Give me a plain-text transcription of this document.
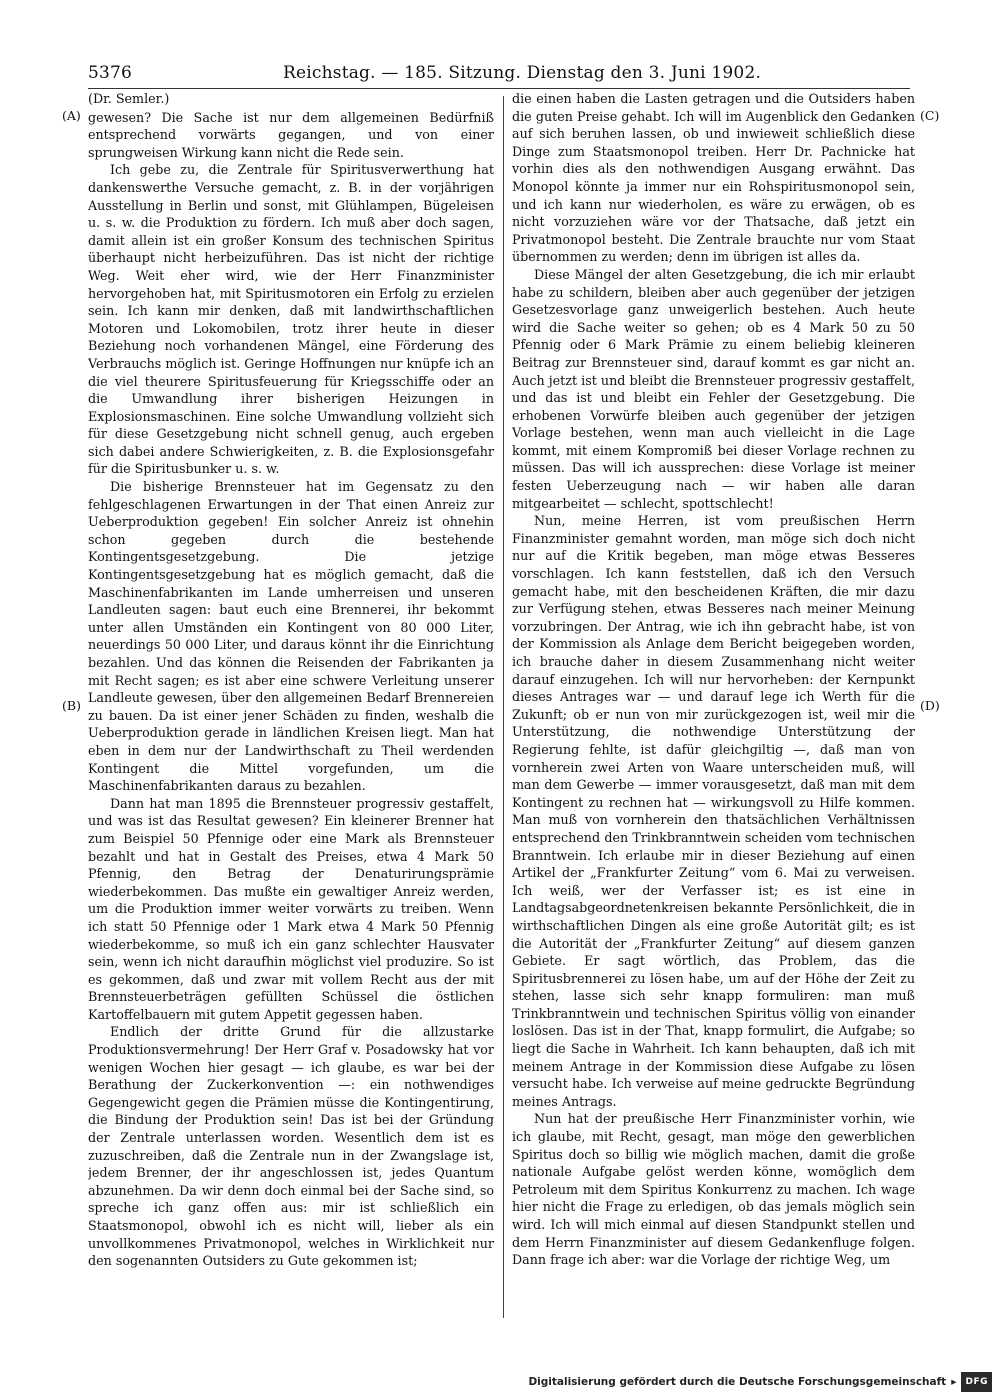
5376	Reichstag. — 185. Sitzung. Dienstag den 3. Juni 1902.
(A)
(B)
(C)
(D)
(Dr. Semler.)

gewesen? Die Sache ist nur dem allgemeinen Bedürfniß entsprechend vorwärts gegangen, und von einer sprungweisen Wirkung kann nicht die Rede sein.

Ich gebe zu, die Zentrale für Spiritusverwerthung hat dankenswerthe Versuche gemacht, z. B. in der vorjährigen Ausstellung in Berlin und sonst, mit Glühlampen, Bügeleisen u. s. w. die Produktion zu fördern. Ich muß aber doch sagen, damit allein ist ein großer Konsum des technischen Spiritus überhaupt nicht herbeizuführen. Das ist nicht der richtige Weg. Weit eher wird, wie der Herr Finanzminister hervorgehoben hat, mit Spiritusmotoren ein Erfolg zu erzielen sein. Ich kann mir denken, daß mit landwirthschaftlichen Motoren und Lokomobilen, trotz ihrer heute in dieser Beziehung noch vorhandenen Mängel, eine Förderung des Verbrauchs möglich ist. Geringe Hoffnungen nur knüpfe ich an die viel theurere Spiritusfeuerung für Kriegsschiffe oder an die Umwandlung ihrer bisherigen Heizungen in Explosionsmaschinen. Eine solche Umwandlung vollzieht sich für diese Gesetzgebung nicht schnell genug, auch ergeben sich dabei andere Schwierigkeiten, z. B. die Explosionsgefahr für die Spiritusbunker u. s. w.

Die bisherige Brennsteuer hat im Gegensatz zu den fehlgeschlagenen Erwartungen in der That einen Anreiz zur Ueberproduktion gegeben! Ein solcher Anreiz ist ohnehin schon gegeben durch die bestehende Kontingentsgesetzgebung. Die jetzige Kontingentsgesetzgebung hat es möglich gemacht, daß die Maschinenfabrikanten im Lande umherreisen und unseren Landleuten sagen: baut euch eine Brennerei, ihr bekommt unter allen Umständen ein Kontingent von 80 000 Liter, neuerdings 50 000 Liter, und daraus könnt ihr die Einrichtung bezahlen. Und das können die Reisenden der Fabrikanten ja mit Recht sagen; es ist aber eine schwere Verleitung unserer Landleute gewesen, über den allgemeinen Bedarf Brennereien zu bauen. Da ist einer jener Schäden zu finden, weshalb die Ueberproduktion gerade in ländlichen Kreisen liegt. Man hat eben in dem nur der Landwirthschaft zu Theil werdenden Kontingent die Mittel vorgefunden, um die Maschinenfabrikanten daraus zu bezahlen.

Dann hat man 1895 die Brennsteuer progressiv gestaffelt, und was ist das Resultat gewesen? Ein kleinerer Brenner hat zum Beispiel 50 Pfennige oder eine Mark als Brennsteuer bezahlt und hat in Gestalt des Preises, etwa 4 Mark 50 Pfennig, den Betrag der Denaturirungsprämie wiederbekommen. Das mußte ein gewaltiger Anreiz werden, um die Produktion immer weiter vorwärts zu treiben. Wenn ich statt 50 Pfennige oder 1 Mark etwa 4 Mark 50 Pfennig wiederbekomme, so muß ich ein ganz schlechter Hausvater sein, wenn ich nicht daraufhin möglichst viel produzire. So ist es gekommen, daß und zwar mit vollem Recht aus der mit Brennsteuerbeträgen gefüllten Schüssel die östlichen Kartoffelbauern mit gutem Appetit gegessen haben.

Endlich der dritte Grund für die allzustarke Produktionsvermehrung! Der Herr Graf v. Posadowsky hat vor wenigen Wochen hier gesagt — ich glaube, es war bei der Berathung der Zuckerkonvention —: ein nothwendiges Gegengewicht gegen die Prämien müsse die Kontingentirung, die Bindung der Produktion sein! Das ist bei der Gründung der Zentrale unterlassen worden. Wesentlich dem ist es zuzuschreiben, daß die Zentrale nun in der Zwangslage ist, jedem Brenner, der ihr angeschlossen ist, jedes Quantum abzunehmen. Da wir denn doch einmal bei der Sache sind, so spreche ich ganz offen aus: mir ist schließlich ein Staatsmonopol, obwohl ich es nicht will, lieber als ein unvollkommenes Privatmonopol, welches in Wirklichkeit nur den sogenannten Outsiders zu Gute gekommen ist;

die einen haben die Lasten getragen und die Outsiders haben die guten Preise gehabt. Ich will im Augenblick den Gedanken auf sich beruhen lassen, ob und inwieweit schließlich diese Dinge zum Staatsmonopol treiben. Herr Dr. Pachnicke hat vorhin dies als den nothwendigen Ausgang erwähnt. Das Monopol könnte ja immer nur ein Rohspiritusmonopol sein, und ich kann nur wiederholen, es wäre zu erwägen, ob es nicht vorzuziehen wäre vor der Thatsache, daß jetzt ein Privatmonopol besteht. Die Zentrale brauchte nur vom Staat übernommen zu werden; denn im übrigen ist alles da.

Diese Mängel der alten Gesetzgebung, die ich mir erlaubt habe zu schildern, bleiben aber auch gegenüber der jetzigen Gesetzesvorlage ganz unweigerlich bestehen. Auch heute wird die Sache weiter so gehen; ob es 4 Mark 50 zu 50 Pfennig oder 6 Mark Prämie zu einem beliebig kleineren Beitrag zur Brennsteuer sind, darauf kommt es gar nicht an. Auch jetzt ist und bleibt die Brennsteuer progressiv gestaffelt, und das ist und bleibt ein Fehler der Gesetzgebung. Die erhobenen Vorwürfe bleiben auch gegenüber der jetzigen Vorlage bestehen, wenn man auch vielleicht in die Lage kommt, mit einem Kompromiß bei dieser Vorlage rechnen zu müssen. Das will ich aussprechen: diese Vorlage ist meiner festen Ueberzeugung nach — wir haben alle daran mitgearbeitet — schlecht, spottschlecht!

Nun, meine Herren, ist vom preußischen Herrn Finanzminister gemahnt worden, man möge sich doch nicht nur auf die Kritik begeben, man möge etwas Besseres vorschlagen. Ich kann feststellen, daß ich den Versuch gemacht habe, mit den bescheidenen Kräften, die mir dazu zur Verfügung stehen, etwas Besseres nach meiner Meinung vorzubringen. Der Antrag, wie ich ihn gebracht habe, ist von der Kommission als Anlage dem Bericht beigegeben worden, ich brauche daher in diesem Zusammenhang nicht weiter darauf einzugehen. Ich will nur hervorheben: der Kernpunkt dieses Antrages war — und darauf lege ich Werth für die Zukunft; ob er nun von mir zurückgezogen ist, weil mir die Unterstützung, die nothwendige Unterstützung der Regierung fehlte, ist dafür gleichgiltig —, daß man von vornherein zwei Arten von Waare unterscheiden muß, will man dem Gewerbe — immer vorausgesetzt, daß man mit dem Kontingent zu rechnen hat — wirkungsvoll zu Hilfe kommen. Man muß von vornherein den thatsächlichen Verhältnissen entsprechend den Trinkbranntwein scheiden vom technischen Branntwein. Ich erlaube mir in dieser Beziehung auf einen Artikel der „Frankfurter Zeitung“ vom 6. Mai zu verweisen. Ich weiß, wer der Verfasser ist; es ist eine in Landtagsabgeordnetenkreisen bekannte Persönlichkeit, die in wirthschaftlichen Dingen als eine große Autorität gilt; es ist die Autorität der „Frankfurter Zeitung“ auf diesem ganzen Gebiete. Er sagt wörtlich, das Problem, das die Spiritusbrennerei zu lösen habe, um auf der Höhe der Zeit zu stehen, lasse sich sehr knapp formuliren: man muß Trinkbranntwein und technischen Spiritus völlig von einander loslösen. Das ist in der That, knapp formulirt, die Aufgabe; so liegt die Sache in Wahrheit. Ich kann behaupten, daß ich mit meinem Antrage in der Kommission diese Aufgabe zu lösen versucht habe. Ich verweise auf meine gedruckte Begründung meines Antrags.

Nun hat der preußische Herr Finanzminister vorhin, wie ich glaube, mit Recht, gesagt, man möge den gewerblichen Spiritus doch so billig wie möglich machen, damit die große nationale Aufgabe gelöst werden könne, womöglich dem Petroleum mit dem Spiritus Konkurrenz zu machen. Ich wage hier nicht die Frage zu erledigen, ob das jemals möglich sein wird. Ich will mich einmal auf diesen Standpunkt stellen und dem Herrn Finanzminister auf diesem Gedankenfluge folgen. Dann frage ich aber: war die Vorlage der richtige Weg, um

Digitalisierung gefördert durch die Deutsche Forschungsgemeinschaft ▸	DFG
